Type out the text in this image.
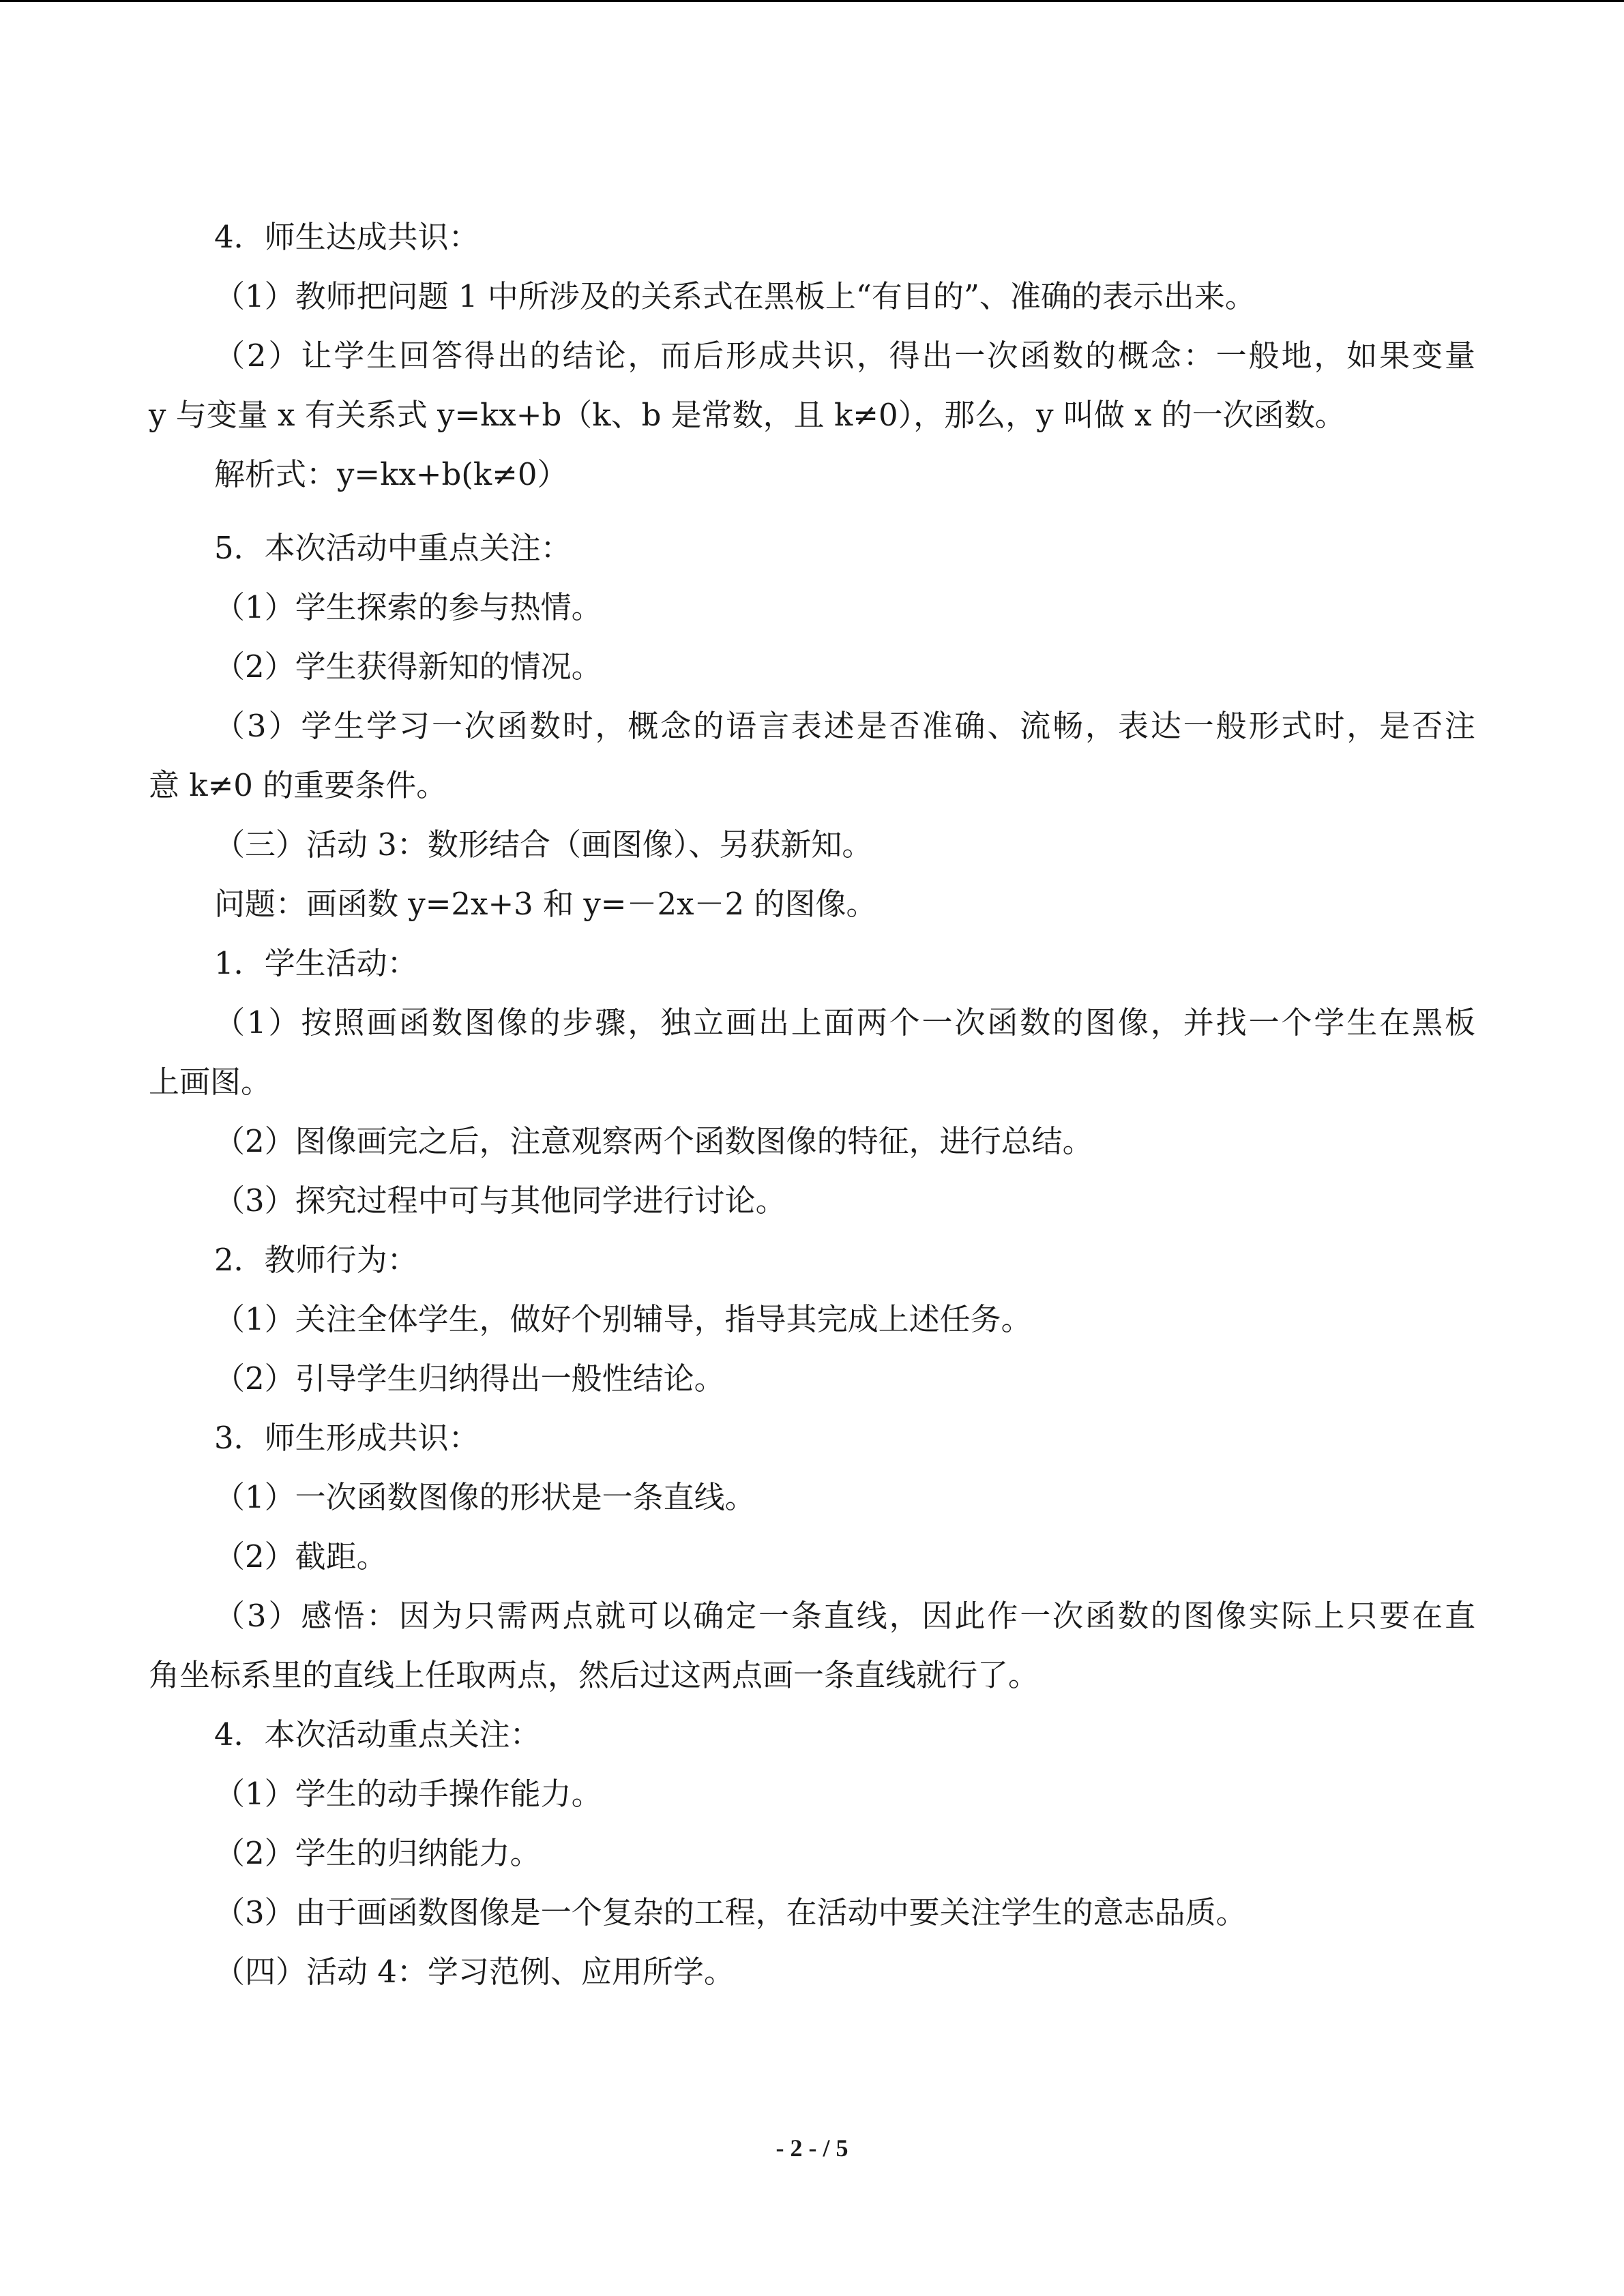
4．师生达成共识：
（1）教师把问题 1 中所涉及的关系式在黑板上“有目的”、准确的表示出来。
（2）让学生回答得出的结论，而后形成共识，得出一次函数的概念：一般地，如果变量
y 与变量 x 有关系式 y=kx+b（k、b 是常数，且 k≠0），那么，y 叫做 x 的一次函数。
解析式：y=kx+b(k≠0）
5．本次活动中重点关注：
（1）学生探索的参与热情。
（2）学生获得新知的情况。
（3）学生学习一次函数时，概念的语言表述是否准确、流畅，表达一般形式时，是否注
意 k≠0 的重要条件。
（三）活动 3：数形结合（画图像）、另获新知。
问题：画函数 y=2x+3 和 y=－2x－2 的图像。
1．学生活动：
（1）按照画函数图像的步骤，独立画出上面两个一次函数的图像，并找一个学生在黑板
上画图。
（2）图像画完之后，注意观察两个函数图像的特征，进行总结。
（3）探究过程中可与其他同学进行讨论。
2．教师行为：
（1）关注全体学生，做好个别辅导，指导其完成上述任务。
（2）引导学生归纳得出一般性结论。
3．师生形成共识：
（1）一次函数图像的形状是一条直线。
（2）截距。
（3）感悟：因为只需两点就可以确定一条直线，因此作一次函数的图像实际上只要在直
角坐标系里的直线上任取两点，然后过这两点画一条直线就行了。
4．本次活动重点关注：
（1）学生的动手操作能力。
（2）学生的归纳能力。
（3）由于画函数图像是一个复杂的工程，在活动中要关注学生的意志品质。
（四）活动 4：学习范例、应用所学。
- 2 - / 5
